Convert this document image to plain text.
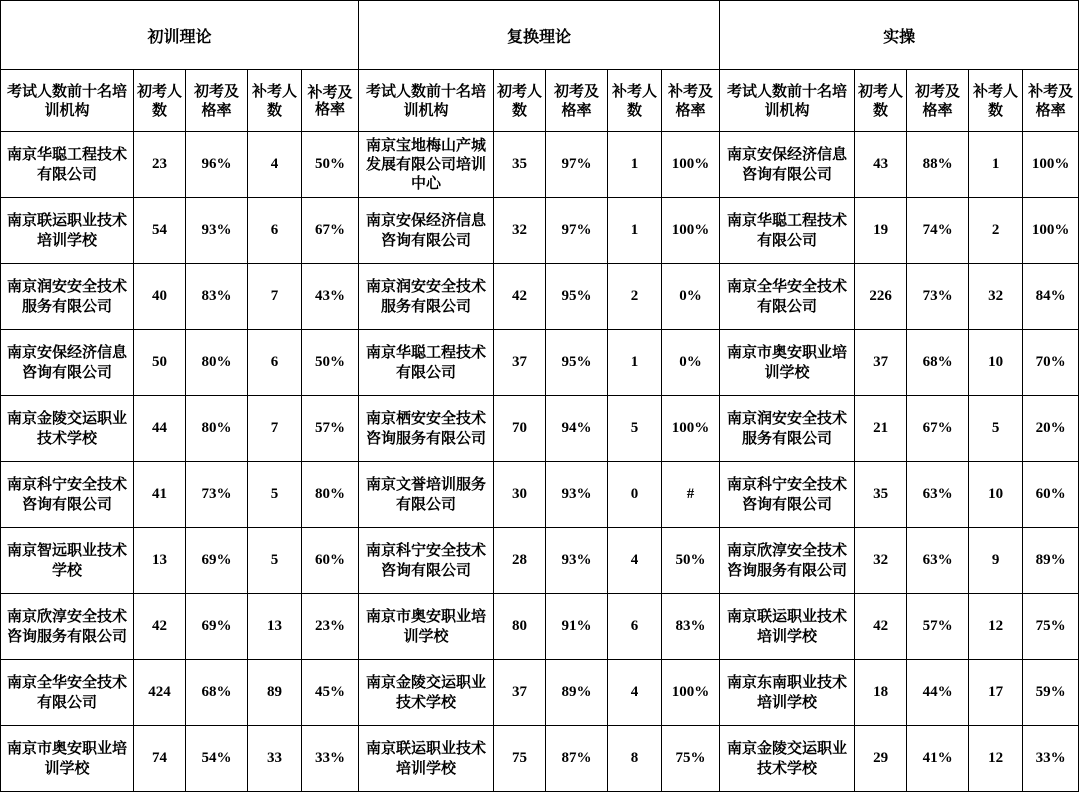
初训理论					复换理论					实操				
考试人数前十名培训机构	初考人数	初考及格率	补考人数	补考及格率	考试人数前十名培训机构	初考人数	初考及格率	补考人数	补考及格率	考试人数前十名培训机构	初考人数	初考及格率	补考人数	补考及格率
南京华聪工程技术有限公司	23	96%	4	50%	南京宝地梅山产城发展有限公司培训中心	35	97%	1	100%	南京安保经济信息咨询有限公司	43	88%	1	100%
南京联运职业技术培训学校	54	93%	6	67%	南京安保经济信息咨询有限公司	32	97%	1	100%	南京华聪工程技术有限公司	19	74%	2	100%
南京润安安全技术服务有限公司	40	83%	7	43%	南京润安安全技术服务有限公司	42	95%	2	0%	南京全华安全技术有限公司	226	73%	32	84%
南京安保经济信息咨询有限公司	50	80%	6	50%	南京华聪工程技术有限公司	37	95%	1	0%	南京市奥安职业培训学校	37	68%	10	70%
南京金陵交运职业技术学校	44	80%	7	57%	南京栖安安全技术咨询服务有限公司	70	94%	5	100%	南京润安安全技术服务有限公司	21	67%	5	20%
南京科宁安全技术咨询有限公司	41	73%	5	80%	南京文誉培训服务有限公司	30	93%	0	#	南京科宁安全技术咨询有限公司	35	63%	10	60%
南京智远职业技术学校	13	69%	5	60%	南京科宁安全技术咨询有限公司	28	93%	4	50%	南京欣淳安全技术咨询服务有限公司	32	63%	9	89%
南京欣淳安全技术咨询服务有限公司	42	69%	13	23%	南京市奥安职业培训学校	80	91%	6	83%	南京联运职业技术培训学校	42	57%	12	75%
南京全华安全技术有限公司	424	68%	89	45%	南京金陵交运职业技术学校	37	89%	4	100%	南京东南职业技术培训学校	18	44%	17	59%
南京市奥安职业培训学校	74	54%	33	33%	南京联运职业技术培训学校	75	87%	8	75%	南京金陵交运职业技术学校	29	41%	12	33%
